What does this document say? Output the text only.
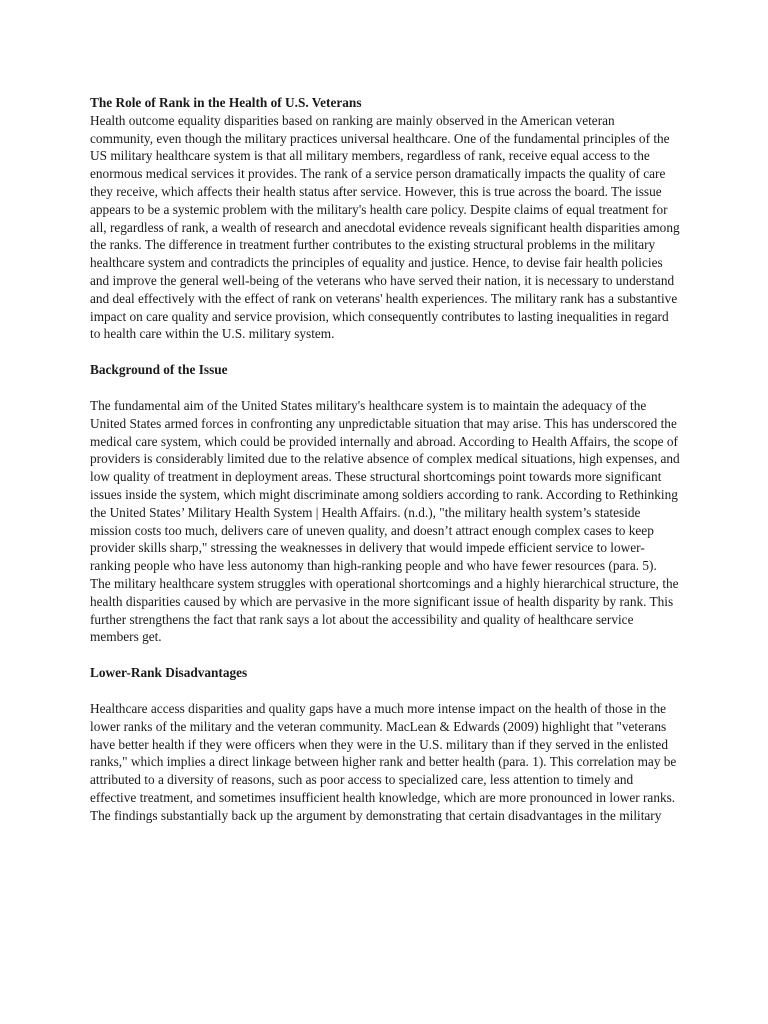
The Role of Rank in the Health of U.S. Veterans
Health outcome equality disparities based on ranking are mainly observed in the American veteran community, even though the military practices universal healthcare. One of the fundamental principles of the US military healthcare system is that all military members, regardless of rank, receive equal access to the enormous medical services it provides. The rank of a service person dramatically impacts the quality of care they receive, which affects their health status after service. However, this is true across the board. The issue appears to be a systemic problem with the military's health care policy. Despite claims of equal treatment for all, regardless of rank, a wealth of research and anecdotal evidence reveals significant health disparities among the ranks. The difference in treatment further contributes to the existing structural problems in the military healthcare system and contradicts the principles of equality and justice. Hence, to devise fair health policies and improve the general well-being of the veterans who have served their nation, it is necessary to understand and deal effectively with the effect of rank on veterans' health experiences. The military rank has a substantive impact on care quality and service provision, which consequently contributes to lasting inequalities in regard to health care within the U.S. military system.
Background of the Issue
The fundamental aim of the United States military's healthcare system is to maintain the adequacy of the United States armed forces in confronting any unpredictable situation that may arise. This has underscored the medical care system, which could be provided internally and abroad. According to Health Affairs, the scope of providers is considerably limited due to the relative absence of complex medical situations, high expenses, and low quality of treatment in deployment areas. These structural shortcomings point towards more significant issues inside the system, which might discriminate among soldiers according to rank. According to Rethinking the United States’ Military Health System | Health Affairs. (n.d.), "the military health system’s stateside mission costs too much, delivers care of uneven quality, and doesn’t attract enough complex cases to keep provider skills sharp," stressing the weaknesses in delivery that would impede efficient service to lower-ranking people who have less autonomy than high-ranking people and who have fewer resources (para. 5). The military healthcare system struggles with operational shortcomings and a highly hierarchical structure, the health disparities caused by which are pervasive in the more significant issue of health disparity by rank. This further strengthens the fact that rank says a lot about the accessibility and quality of healthcare service members get.
Lower-Rank Disadvantages
Healthcare access disparities and quality gaps have a much more intense impact on the health of those in the lower ranks of the military and the veteran community. MacLean & Edwards (2009) highlight that "veterans have better health if they were officers when they were in the U.S. military than if they served in the enlisted ranks," which implies a direct linkage between higher rank and better health (para. 1). This correlation may be attributed to a diversity of reasons, such as poor access to specialized care, less attention to timely and effective treatment, and sometimes insufficient health knowledge, which are more pronounced in lower ranks. The findings substantially back up the argument by demonstrating that certain disadvantages in the military
